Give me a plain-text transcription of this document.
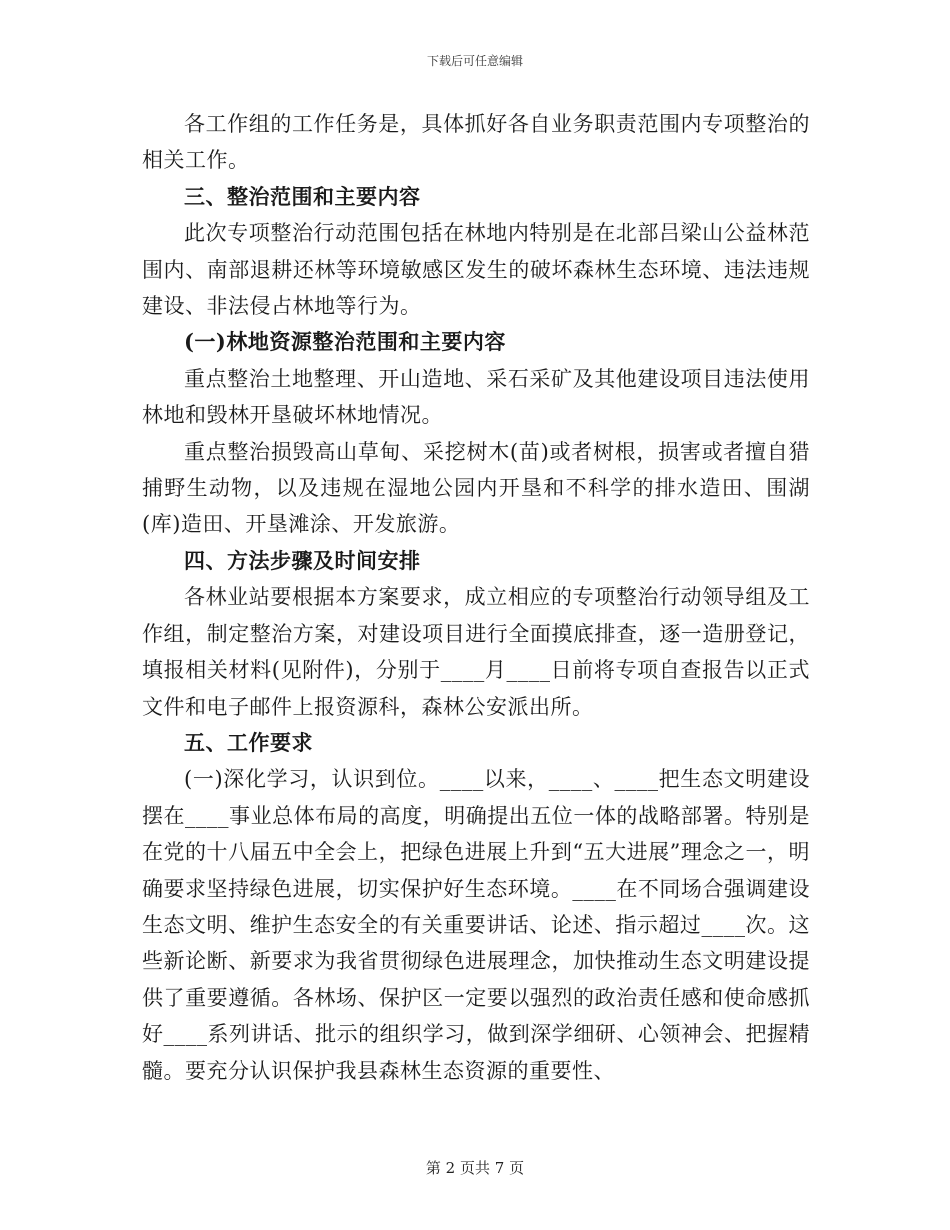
下载后可任意编辑

各工作组的工作任务是，具体抓好各自业务职责范围内专项整治的相关工作。

三、整治范围和主要内容

此次专项整治行动范围包括在林地内特别是在北部吕梁山公益林范围内、南部退耕还林等环境敏感区发生的破坏森林生态环境、违法违规建设、非法侵占林地等行为。

(一)林地资源整治范围和主要内容

重点整治土地整理、开山造地、采石采矿及其他建设项目违法使用林地和毁林开垦破坏林地情况。

重点整治损毁高山草甸、采挖树木(苗)或者树根，损害或者擅自猎捕野生动物，以及违规在湿地公园内开垦和不科学的排水造田、围湖(库)造田、开垦滩涂、开发旅游。

四、方法步骤及时间安排

各林业站要根据本方案要求，成立相应的专项整治行动领导组及工作组，制定整治方案，对建设项目进行全面摸底排查，逐一造册登记，填报相关材料(见附件)，分别于____月____日前将专项自查报告以正式文件和电子邮件上报资源科，森林公安派出所。

五、工作要求

(一)深化学习，认识到位。____以来，____、____把生态文明建设摆在____事业总体布局的高度，明确提出五位一体的战略部署。特别是在党的十八届五中全会上，把绿色进展上升到“五大进展”理念之一，明确要求坚持绿色进展，切实保护好生态环境。____在不同场合强调建设生态文明、维护生态安全的有关重要讲话、论述、指示超过____次。这些新论断、新要求为我省贯彻绿色进展理念，加快推动生态文明建设提供了重要遵循。各林场、保护区一定要以强烈的政治责任感和使命感抓好____系列讲话、批示的组织学习，做到深学细研、心领神会、把握精髓。要充分认识保护我县森林生态资源的重要性、

第 2 页共 7 页
